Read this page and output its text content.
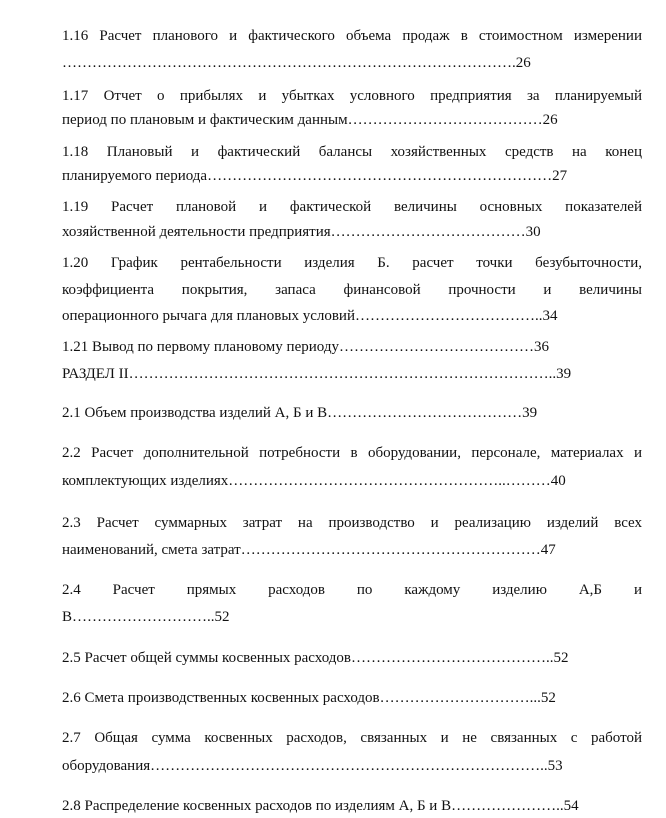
1.16 Расчет планового и фактического объема продаж в стоимостном измерении
……………………………………………………………………………….26
1.17 Отчет о прибылях и убытках условного предприятия за планируемый
период по плановым и фактическим данным…………………………………26
1.18 Плановый и фактический балансы хозяйственных средств на конец
планируемого периода……………………………………………………………27
1.19 Расчет плановой и фактической величины основных показателей
хозяйственной деятельности предприятия…………………………………30
1.20 График рентабельности изделия Б. расчет точки безубыточности,
коэффициента покрытия, запаса финансовой прочности и величины
операционного рычага для плановых условий………………………………..34
1.21 Вывод по первому плановому периоду…………………………………36
РАЗДЕЛ II…………………………………………………………………………..39
2.1 Объем производства изделий А, Б и В…………………………………39
2.2 Расчет дополнительной потребности в оборудовании, персонале, материалах и
комплектующих изделиях………………………………………………..………40
2.3 Расчет суммарных затрат на производство и реализацию изделий всех
наименований, смета затрат……………………………………………………47
2.4 Расчет прямых расходов по каждому изделию А,Б и
В………………………..52
2.5 Расчет общей суммы косвенных расходов…………………………………..52
2.6 Смета производственных косвенных расходов…………………………...52
2.7 Общая сумма косвенных расходов, связанных и не связанных с работой
оборудования……………………………………………………………………..53
2.8 Распределение косвенных расходов по изделиям А, Б и В…………………..54
